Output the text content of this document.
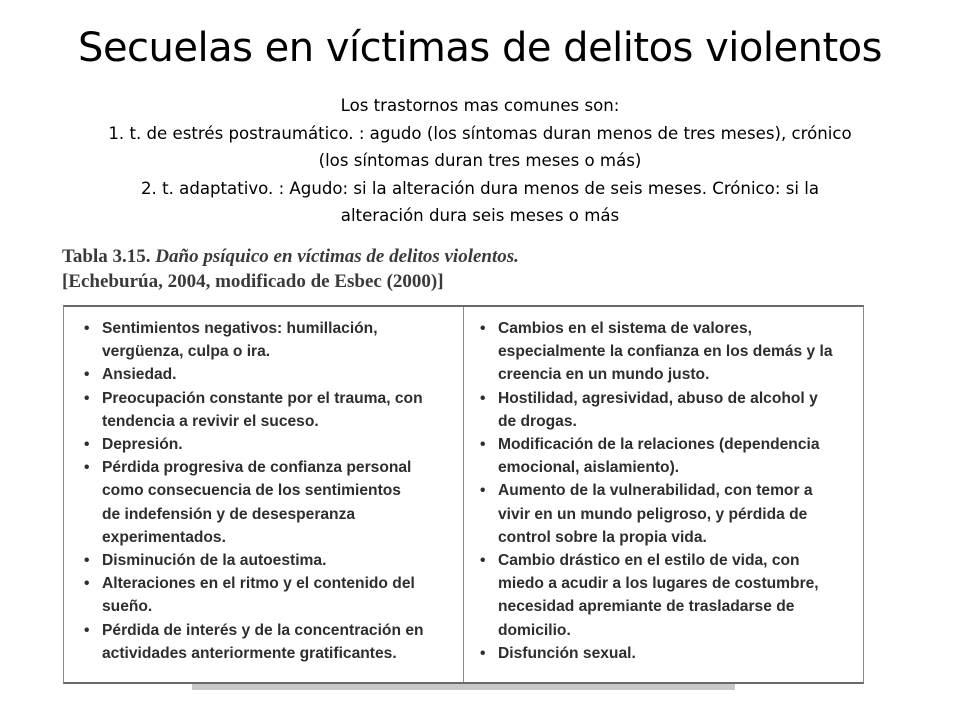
Secuelas en víctimas de delitos violentos
Los trastornos mas comunes son:
1. t. de estrés postraumático. : agudo (los síntomas duran menos de tres meses), crónico
(los síntomas duran tres meses o más)
2. t. adaptativo. : Agudo: si la alteración dura menos de seis meses. Crónico: si la
alteración dura seis meses o más
Tabla 3.15. Daño psíquico en víctimas de delitos violentos.
[Echeburúa, 2004, modificado de Esbec (2000)]
• Sentimientos negativos: humillación,
vergüenza, culpa o ira.
• Ansiedad.
• Preocupación constante por el trauma, con
tendencia a revivir el suceso.
• Depresión.
• Pérdida progresiva de confianza personal
como consecuencia de los sentimientos
de indefensión y de desesperanza
experimentados.
• Disminución de la autoestima.
• Alteraciones en el ritmo y el contenido del
sueño.
• Pérdida de interés y de la concentración en
actividades anteriormente gratificantes.
• Cambios en el sistema de valores,
especialmente la confianza en los demás y la
creencia en un mundo justo.
• Hostilidad, agresividad, abuso de alcohol y
de drogas.
• Modificación de la relaciones (dependencia
emocional, aislamiento).
• Aumento de la vulnerabilidad, con temor a
vivir en un mundo peligroso, y pérdida de
control sobre la propia vida.
• Cambio drástico en el estilo de vida, con
miedo a acudir a los lugares de costumbre,
necesidad apremiante de trasladarse de
domicilio.
• Disfunción sexual.
